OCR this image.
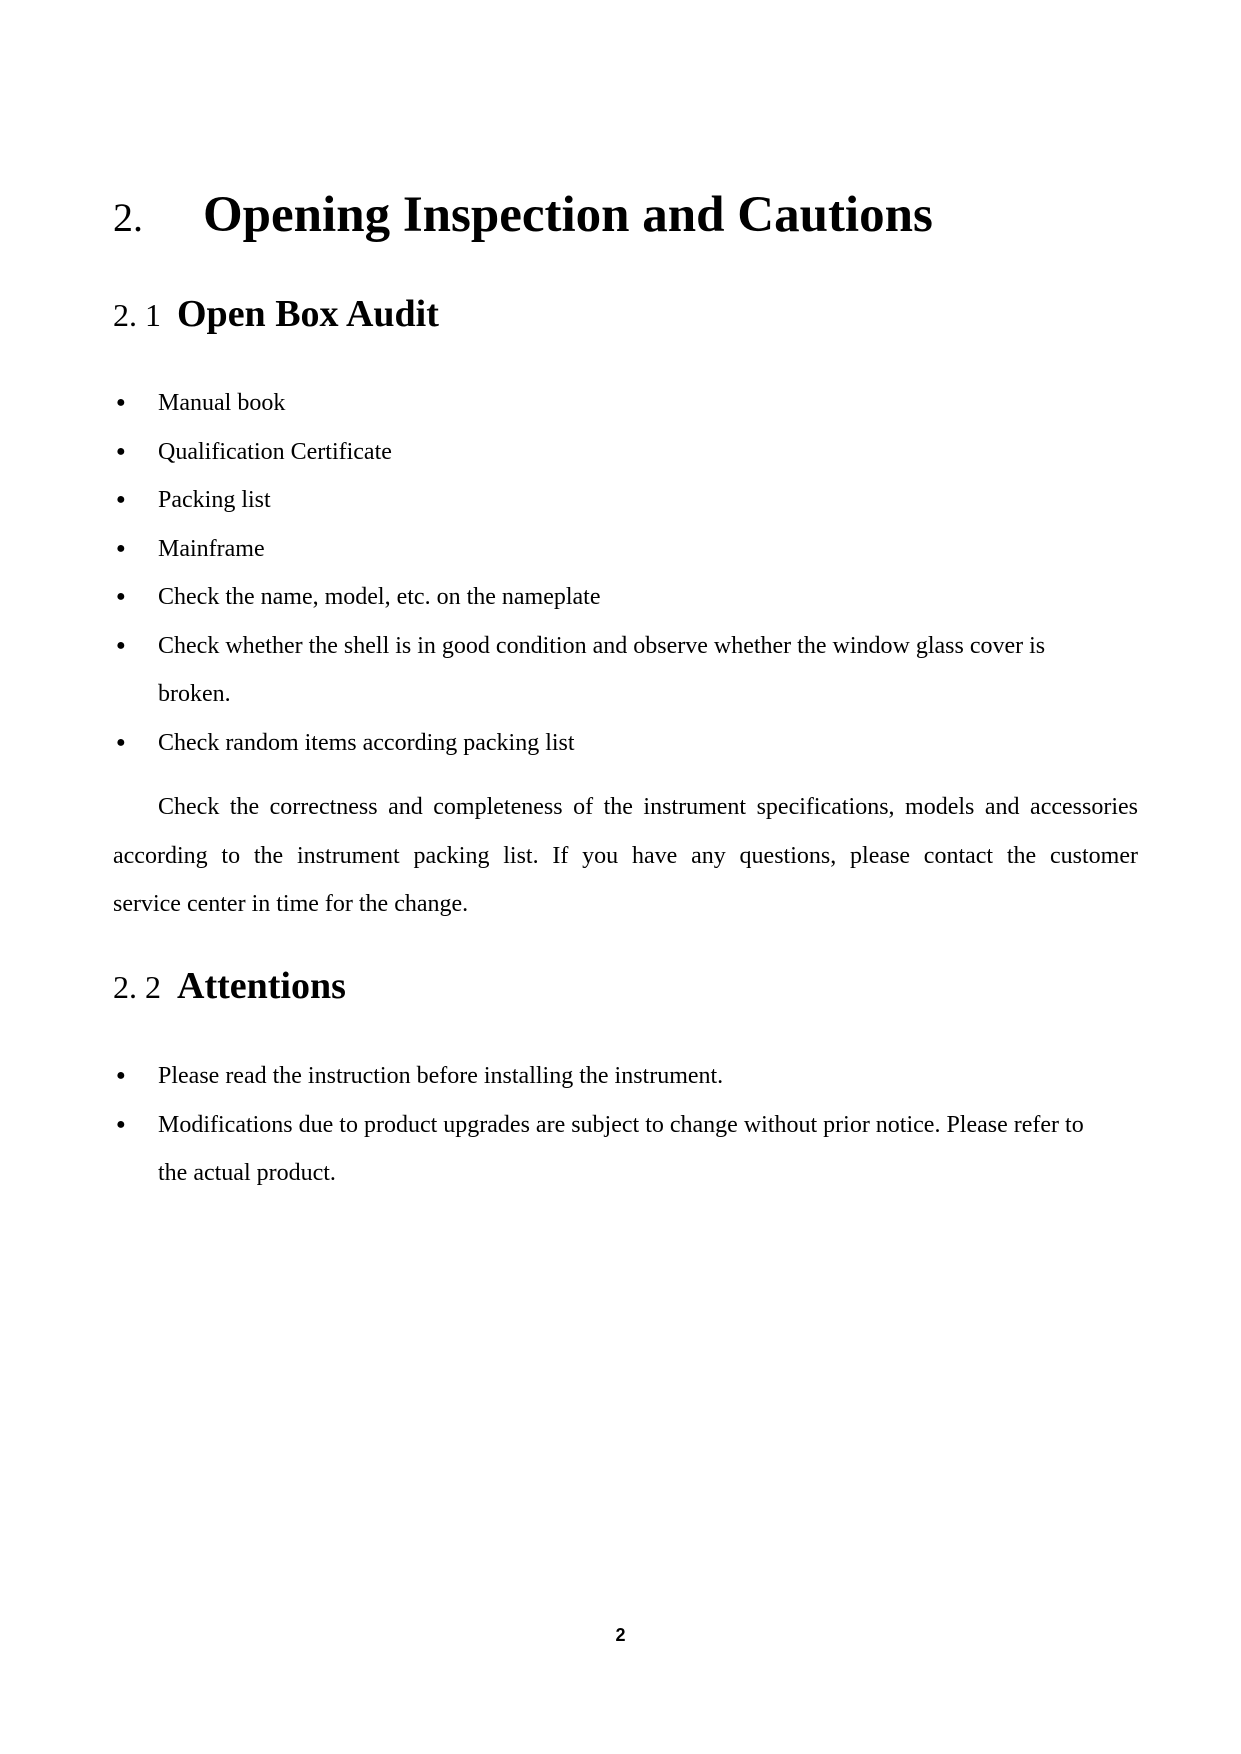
2. Opening Inspection and Cautions
2. 1 Open Box Audit
● Manual book
● Qualification Certificate
● Packing list
● Mainframe
● Check the name, model, etc. on the nameplate
● Check whether the shell is in good condition and observe whether the window glass cover is
broken.
● Check random items according packing list
Check the correctness and completeness of the instrument specifications, models and accessories
according to the instrument packing list. If you have any questions, please contact the customer
service center in time for the change.
2. 2 Attentions
● Please read the instruction before installing the instrument.
● Modifications due to product upgrades are subject to change without prior notice. Please refer to
the actual product.
2
